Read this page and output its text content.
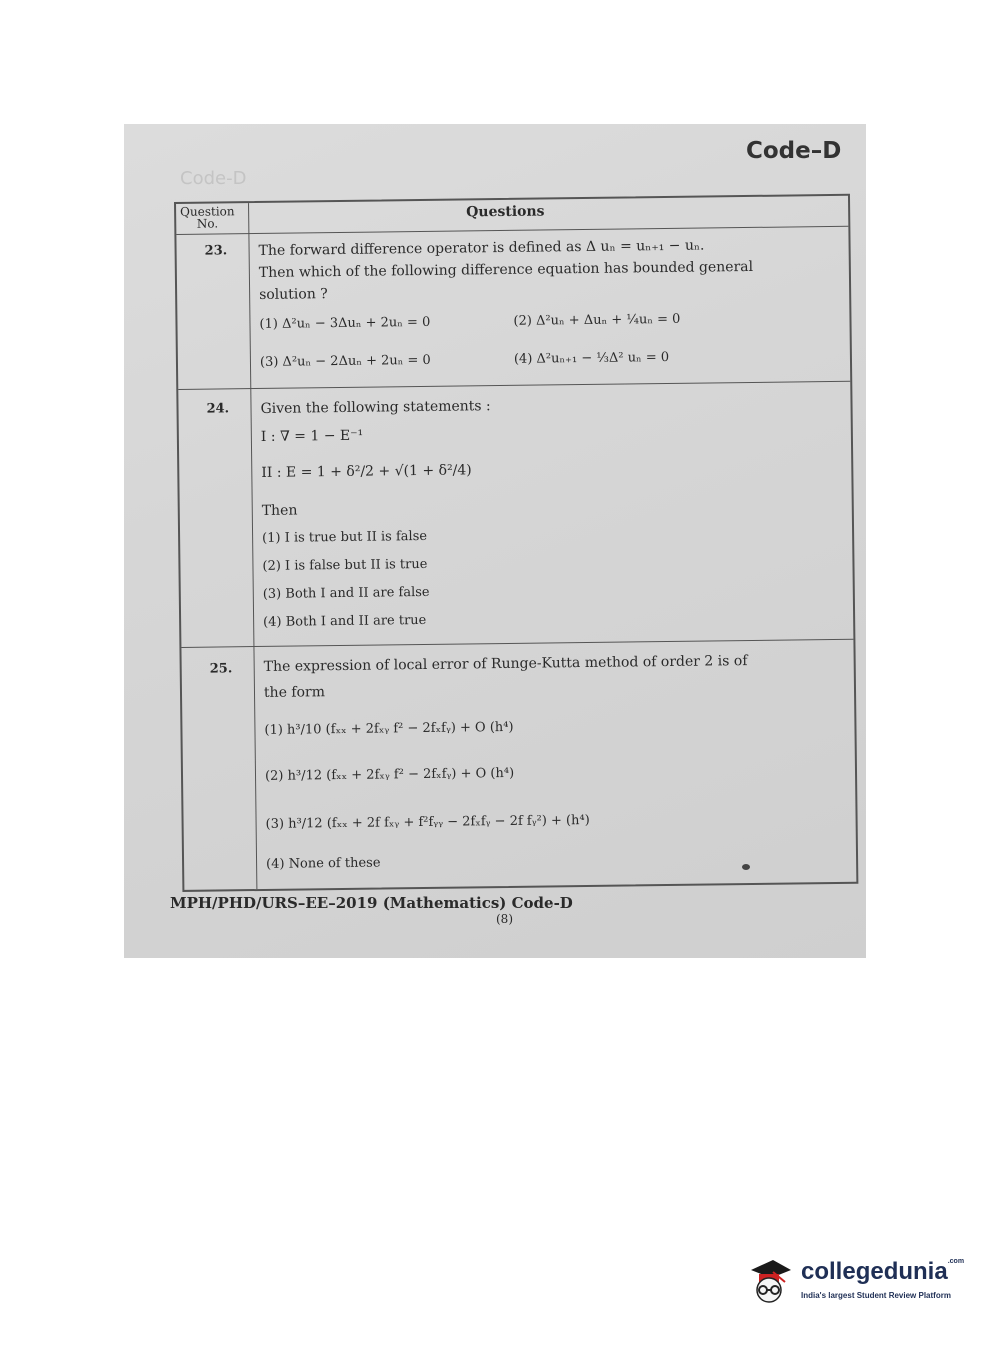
Code-D
Code–D
Question
No.
Questions
23. The forward difference operator is defined as Δ uₙ = uₙ₊₁ − uₙ.
Then which of the following difference equation has bounded general
solution ?
(1) Δ²uₙ − 3Δuₙ + 2uₙ = 0	(2) Δ²uₙ + Δuₙ + ¼uₙ = 0
(3) Δ²uₙ − 2Δuₙ + 2uₙ = 0	(4) Δ²uₙ₊₁ − ⅓Δ² uₙ = 0
24. Given the following statements :
I : ∇ = 1 − E⁻¹
II : E = 1 + δ²/2 + √(1 + δ²/4)
Then
(1) I is true but II is false
(2) I is false but II is true
(3) Both I and II are false
(4) Both I and II are true
25. The expression of local error of Runge-Kutta method of order 2 is of
the form
(1) h³/10 (fₓₓ + 2fₓᵧ f² − 2fₓfᵧ) + O (h⁴)
(2) h³/12 (fₓₓ + 2fₓᵧ f² − 2fₓfᵧ) + O (h⁴)
(3) h³/12 (fₓₓ + 2f fₓᵧ + f²fᵧᵧ − 2fₓfᵧ − 2f fᵧ²) + (h⁴)
(4) None of these
MPH/PHD/URS–EE–2019 (Mathematics) Code-D
(8)
collegedunia$^{.com}$
India's largest Student Review Platform
